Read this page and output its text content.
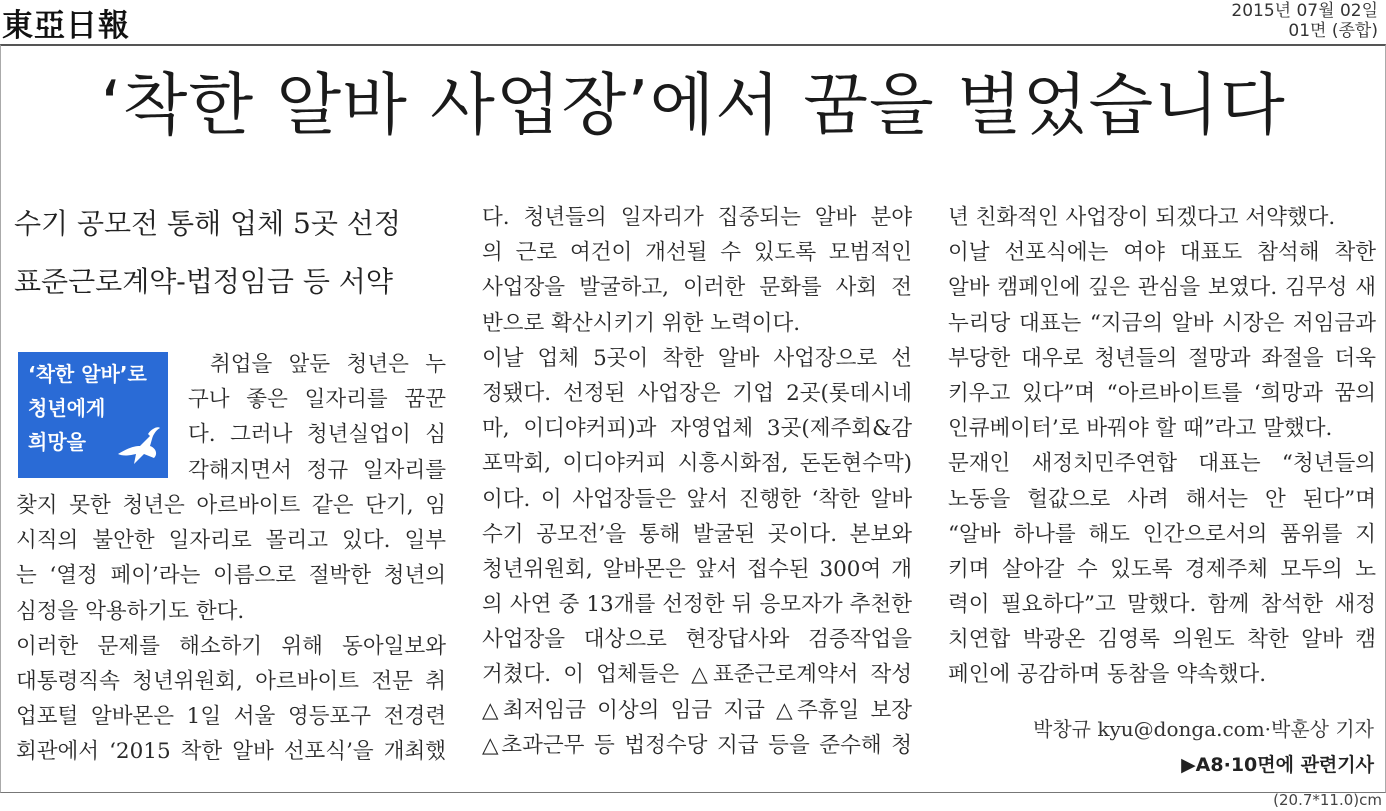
東亞日報	2015년 07월 02일
01면 (종합)
‘착한 알바 사업장’에서 꿈을 벌었습니다
수기 공모전 통해 업체 5곳 선정
표준근로계약-법정임금 등 서약
‘착한 알바’로
청년에게
희망을
취업을 앞둔 청년은 누
구나 좋은 일자리를 꿈꾼
다. 그러나 청년실업이 심
각해지면서 정규 일자리를
찾지 못한 청년은 아르바이트 같은 단기, 임
시직의 불안한 일자리로 몰리고 있다. 일부
는 ‘열정 페이’라는 이름으로 절박한 청년의
심정을 악용하기도 한다.
이러한 문제를 해소하기 위해 동아일보와
대통령직속 청년위원회, 아르바이트 전문 취
업포털 알바몬은 1일 서울 영등포구 전경련
회관에서 ‘2015 착한 알바 선포식’을 개최했
다. 청년들의 일자리가 집중되는 알바 분야
의 근로 여건이 개선될 수 있도록 모범적인
사업장을 발굴하고, 이러한 문화를 사회 전
반으로 확산시키기 위한 노력이다.
이날 업체 5곳이 착한 알바 사업장으로 선
정됐다. 선정된 사업장은 기업 2곳(롯데시네
마, 이디야커피)과 자영업체 3곳(제주회&감
포막회, 이디야커피 시흥시화점, 돈돈현수막)
이다. 이 사업장들은 앞서 진행한 ‘착한 알바
수기 공모전’을 통해 발굴된 곳이다. 본보와
청년위원회, 알바몬은 앞서 접수된 300여 개
의 사연 중 13개를 선정한 뒤 응모자가 추천한
사업장을 대상으로 현장답사와 검증작업을
거쳤다. 이 업체들은 △표준근로계약서 작성
△최저임금 이상의 임금 지급 △주휴일 보장
△초과근무 등 법정수당 지급 등을 준수해 청
년 친화적인 사업장이 되겠다고 서약했다.
이날 선포식에는 여야 대표도 참석해 착한
알바 캠페인에 깊은 관심을 보였다. 김무성 새
누리당 대표는 “지금의 알바 시장은 저임금과
부당한 대우로 청년들의 절망과 좌절을 더욱
키우고 있다”며 “아르바이트를 ‘희망과 꿈의
인큐베이터’로 바꿔야 할 때”라고 말했다.
문재인 새정치민주연합 대표는 “청년들의
노동을 헐값으로 사려 해서는 안 된다”며
“알바 하나를 해도 인간으로서의 품위를 지
키며 살아갈 수 있도록 경제주체 모두의 노
력이 필요하다”고 말했다. 함께 참석한 새정
치연합 박광온 김영록 의원도 착한 알바 캠
페인에 공감하며 동참을 약속했다.
박창규 kyu@donga.com·박훈상 기자
▶A8·10면에 관련기사
(20.7*11.0)cm
